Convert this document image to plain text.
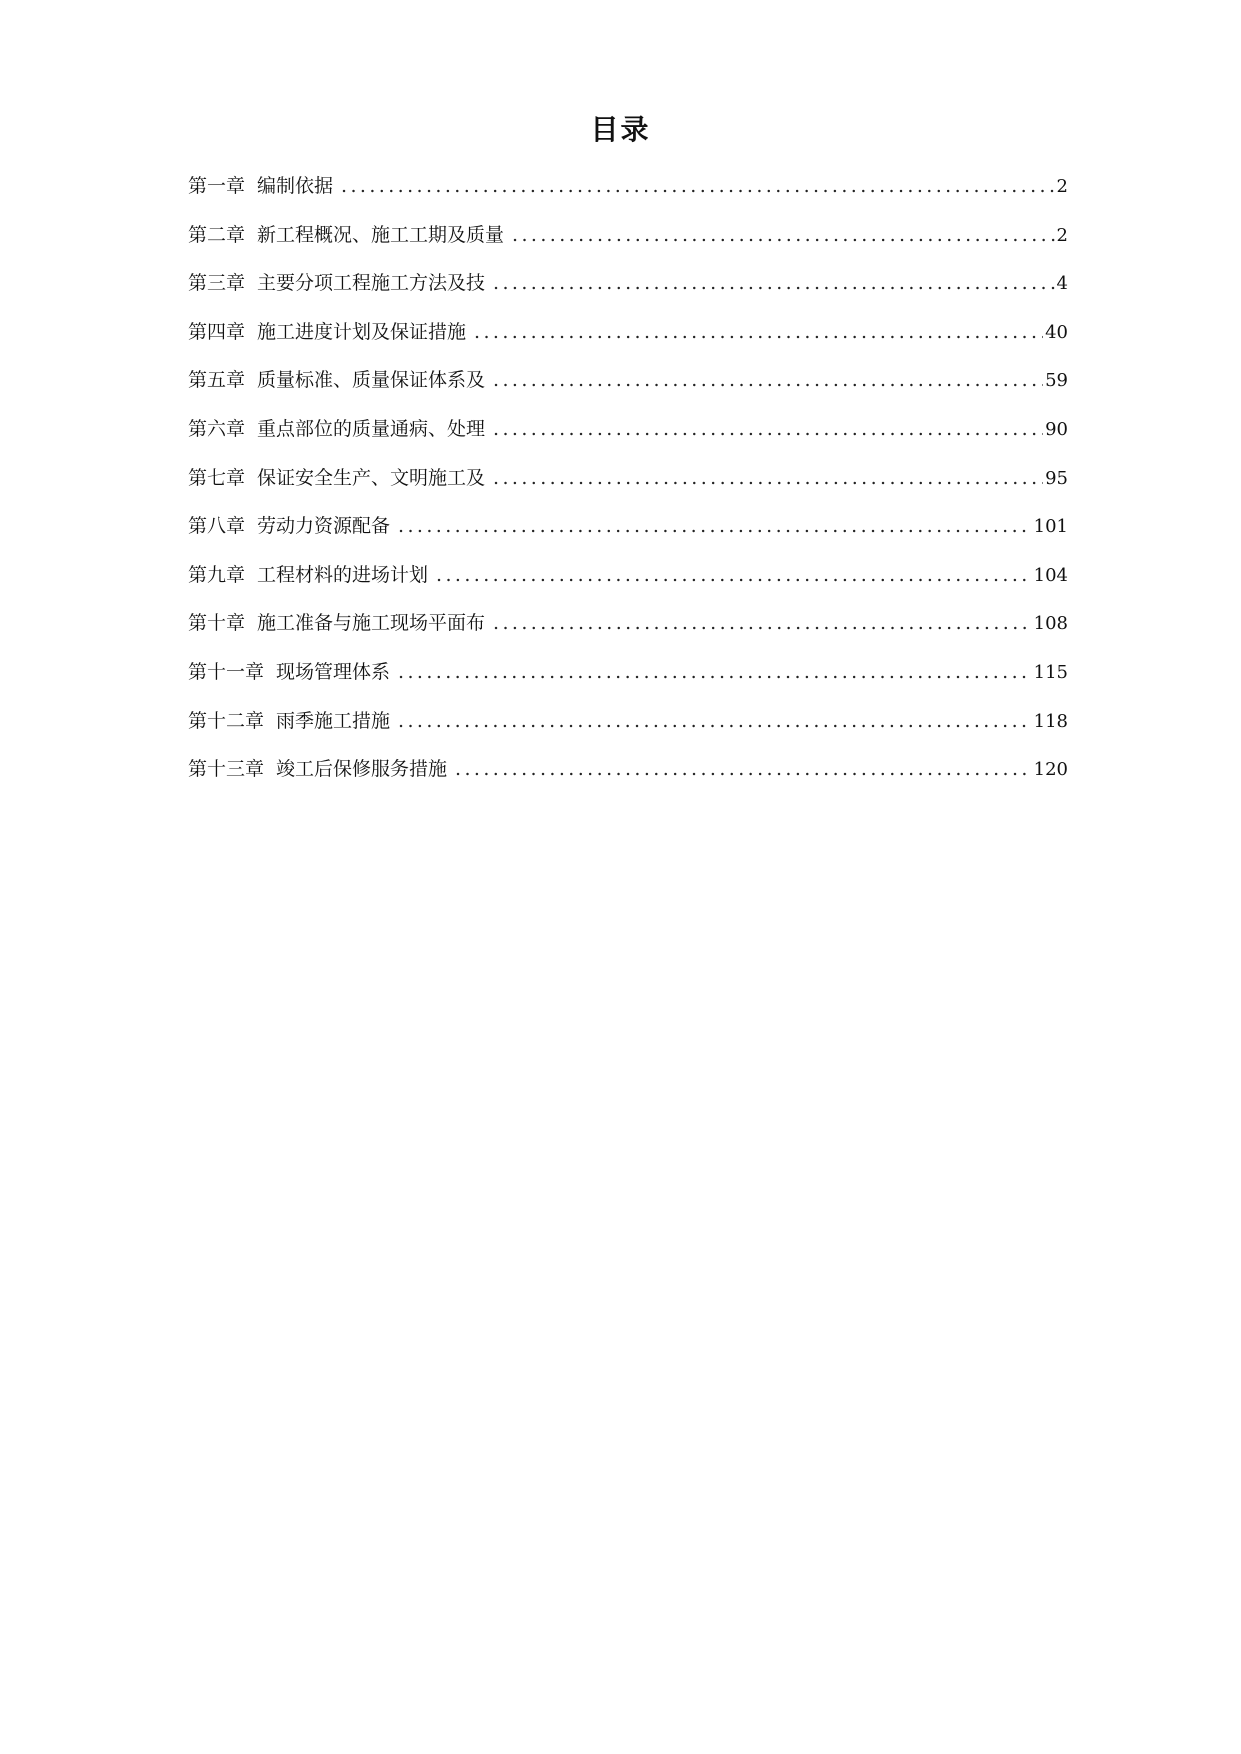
目录
第一章 编制依据 .....	2
第二章 新工程概况、施工工期及质量 .....	2
第三章 主要分项工程施工方法及技 .....	4
第四章 施工进度计划及保证措施 .....	40
第五章 质量标准、质量保证体系及 .....	59
第六章 重点部位的质量通病、处理 .....	90
第七章 保证安全生产、文明施工及 .....	95
第八章 劳动力资源配备 .....	101
第九章 工程材料的进场计划 .....	104
第十章 施工准备与施工现场平面布 .....	108
第十一章 现场管理体系 .....	115
第十二章 雨季施工措施 .....	118
第十三章 竣工后保修服务措施 .....	120
